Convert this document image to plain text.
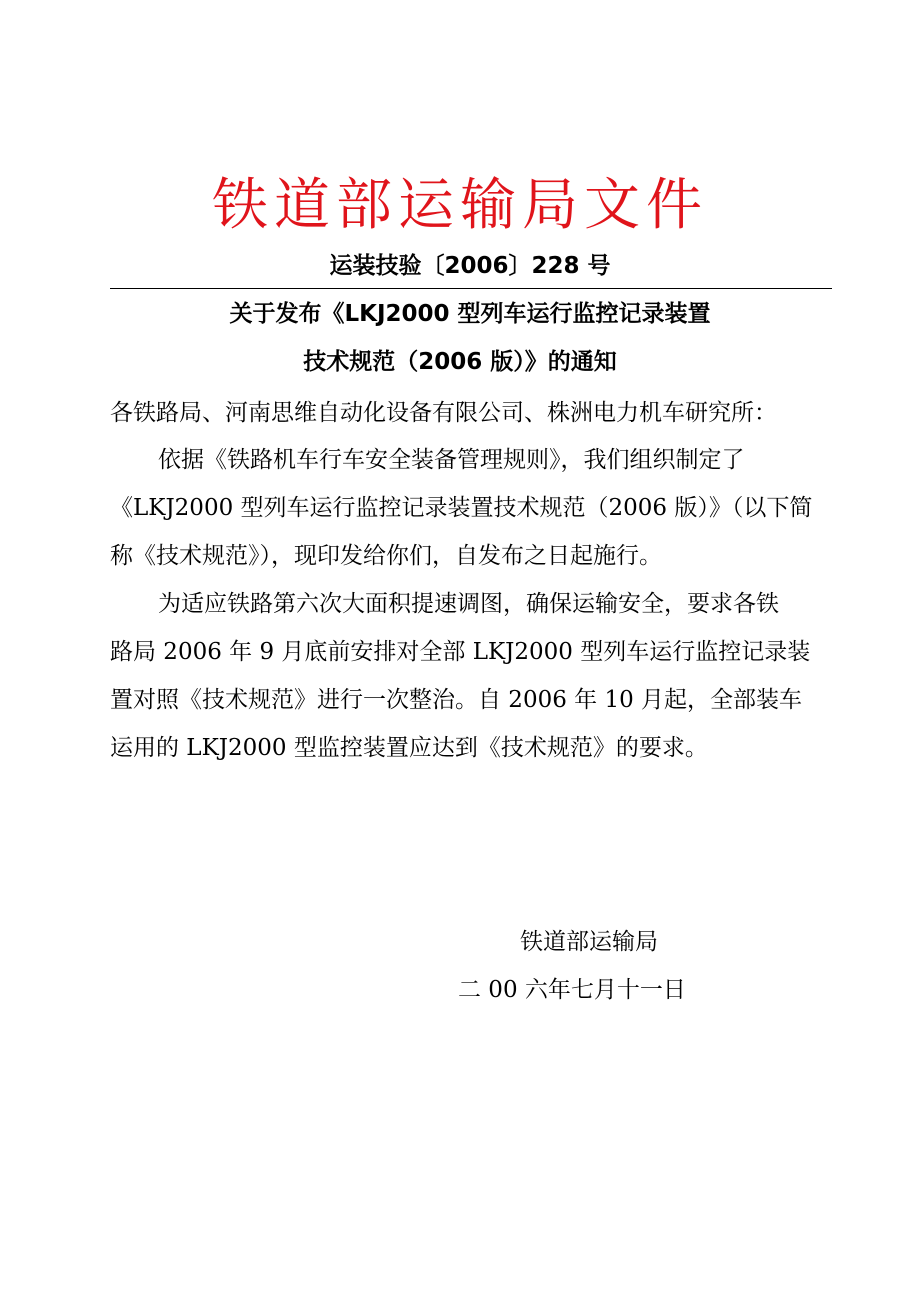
铁道部运输局文件
运装技验〔2006〕228 号
关于发布《LKJ2000 型列车运行监控记录装置
技术规范（2006 版）》的通知
各铁路局、河南思维自动化设备有限公司、株洲电力机车研究所：
依据《铁路机车行车安全装备管理规则》，我们组织制定了
《LKJ2000 型列车运行监控记录装置技术规范（2006 版）》（以下简
称《技术规范》），现印发给你们，自发布之日起施行。
为适应铁路第六次大面积提速调图，确保运输安全，要求各铁
路局 2006 年 9 月底前安排对全部 LKJ2000 型列车运行监控记录装
置对照《技术规范》进行一次整治。自 2006 年 10 月起，全部装车
运用的 LKJ2000 型监控装置应达到《技术规范》的要求。
铁道部运输局
二 00 六年七月十一日
